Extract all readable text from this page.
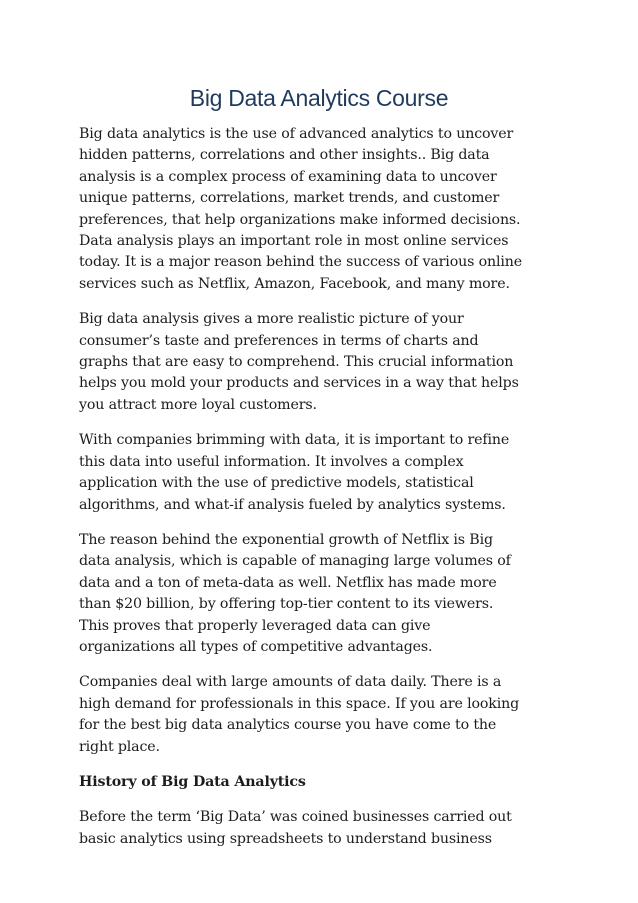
Big Data Analytics Course

Big data analytics is the use of advanced analytics to uncover
hidden patterns, correlations and other insights.. Big data
analysis is a complex process of examining data to uncover
unique patterns, correlations, market trends, and customer
preferences, that help organizations make informed decisions.
Data analysis plays an important role in most online services
today. It is a major reason behind the success of various online
services such as Netflix, Amazon, Facebook, and many more.

Big data analysis gives a more realistic picture of your
consumer’s taste and preferences in terms of charts and
graphs that are easy to comprehend. This crucial information
helps you mold your products and services in a way that helps
you attract more loyal customers.

With companies brimming with data, it is important to refine
this data into useful information. It involves a complex
application with the use of predictive models, statistical
algorithms, and what-if analysis fueled by analytics systems.

The reason behind the exponential growth of Netflix is Big
data analysis, which is capable of managing large volumes of
data and a ton of meta-data as well. Netflix has made more
than $20 billion, by offering top-tier content to its viewers.
This proves that properly leveraged data can give
organizations all types of competitive advantages.

Companies deal with large amounts of data daily. There is a
high demand for professionals in this space. If you are looking
for the best big data analytics course you have come to the
right place.

History of Big Data Analytics

Before the term ‘Big Data’ was coined businesses carried out
basic analytics using spreadsheets to understand business
